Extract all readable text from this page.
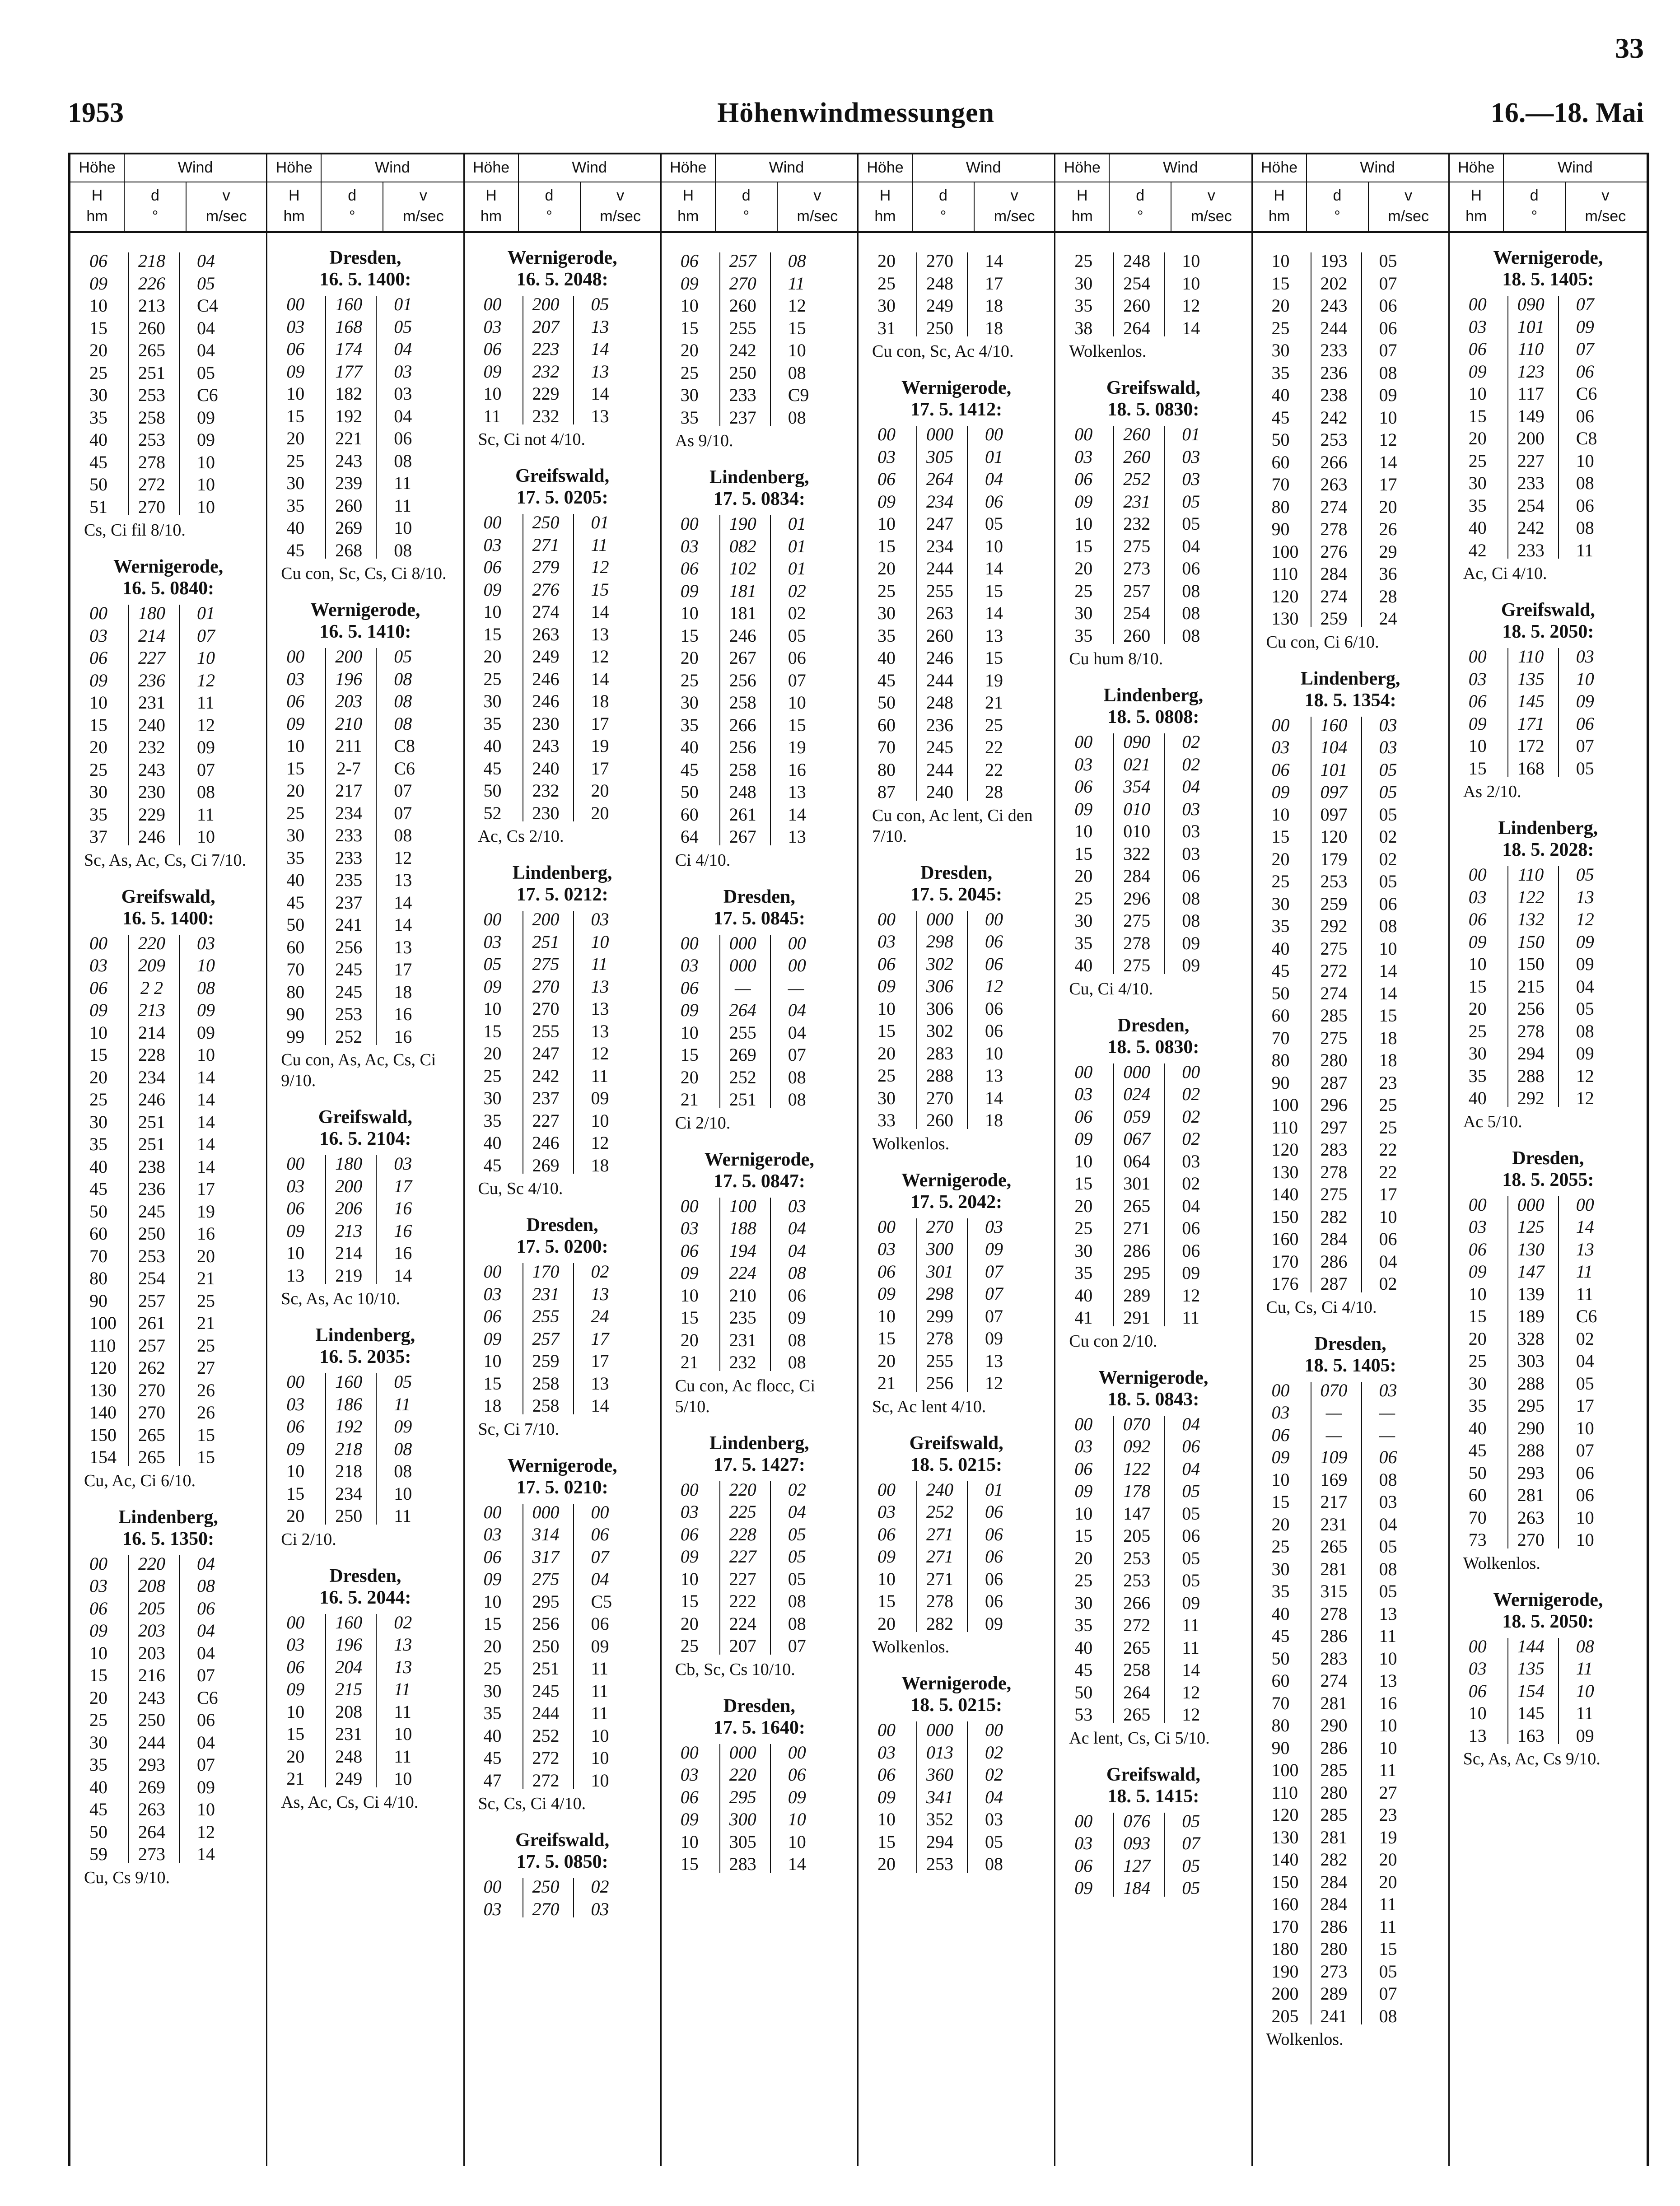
33
1953	Höhenwindmessungen	16.—18. Mai
Höhe	Wind
H
hm
d
°
v
m/sec
06	218	04
09	226	05
10	213	C4
15	260	04
20	265	04
25	251	05
30	253	C6
35	258	09
40	253	09
45	278	10
50	272	10
51	270	10
Cs, Ci fil 8/10.
Wernigerode,
16. 5. 0840:
00	180	01
03	214	07
06	227	10
09	236	12
10	231	11
15	240	12
20	232	09
25	243	07
30	230	08
35	229	11
37	246	10
Sc, As, Ac, Cs, Ci 7/10.
Greifswald,
16. 5. 1400:
00	220	03
03	209	10
06	2 2	08
09	213	09
10	214	09
15	228	10
20	234	14
25	246	14
30	251	14
35	251	14
40	238	14
45	236	17
50	245	19
60	250	16
70	253	20
80	254	21
90	257	25
100	261	21
110	257	25
120	262	27
130	270	26
140	270	26
150	265	15
154	265	15
Cu, Ac, Ci 6/10.
Lindenberg,
16. 5. 1350:
00	220	04
03	208	08
06	205	06
09	203	04
10	203	04
15	216	07
20	243	C6
25	250	06
30	244	04
35	293	07
40	269	09
45	263	10
50	264	12
59	273	14
Cu, Cs 9/10.
Höhe	Wind
H
hm
d
°
v
m/sec
Dresden,
16. 5. 1400:
00	160	01
03	168	05
06	174	04
09	177	03
10	182	03
15	192	04
20	221	06
25	243	08
30	239	11
35	260	11
40	269	10
45	268	08
Cu con, Sc, Cs, Ci 8/10.
Wernigerode,
16. 5. 1410:
00	200	05
03	196	08
06	203	08
09	210	08
10	211	C8
15	2-7	C6
20	217	07
25	234	07
30	233	08
35	233	12
40	235	13
45	237	14
50	241	14
60	256	13
70	245	17
80	245	18
90	253	16
99	252	16
Cu con, As, Ac, Cs, Ci 9/10.
Greifswald,
16. 5. 2104:
00	180	03
03	200	17
06	206	16
09	213	16
10	214	16
13	219	14
Sc, As, Ac 10/10.
Lindenberg,
16. 5. 2035:
00	160	05
03	186	11
06	192	09
09	218	08
10	218	08
15	234	10
20	250	11
Ci 2/10.
Dresden,
16. 5. 2044:
00	160	02
03	196	13
06	204	13
09	215	11
10	208	11
15	231	10
20	248	11
21	249	10
As, Ac, Cs, Ci 4/10.
Höhe	Wind
H
hm
d
°
v
m/sec
Wernigerode,
16. 5. 2048:
00	200	05
03	207	13
06	223	14
09	232	13
10	229	14
11	232	13
Sc, Ci not 4/10.
Greifswald,
17. 5. 0205:
00	250	01
03	271	11
06	279	12
09	276	15
10	274	14
15	263	13
20	249	12
25	246	14
30	246	18
35	230	17
40	243	19
45	240	17
50	232	20
52	230	20
Ac, Cs 2/10.
Lindenberg,
17. 5. 0212:
00	200	03
03	251	10
05	275	11
09	270	13
10	270	13
15	255	13
20	247	12
25	242	11
30	237	09
35	227	10
40	246	12
45	269	18
Cu, Sc 4/10.
Dresden,
17. 5. 0200:
00	170	02
03	231	13
06	255	24
09	257	17
10	259	17
15	258	13
18	258	14
Sc, Ci 7/10.
Wernigerode,
17. 5. 0210:
00	000	00
03	314	06
06	317	07
09	275	04
10	295	C5
15	256	06
20	250	09
25	251	11
30	245	11
35	244	11
40	252	10
45	272	10
47	272	10
Sc, Cs, Ci 4/10.
Greifswald,
17. 5. 0850:
00	250	02
03	270	03
Höhe	Wind
H
hm
d
°
v
m/sec
06	257	08
09	270	11
10	260	12
15	255	15
20	242	10
25	250	08
30	233	C9
35	237	08
As 9/10.
Lindenberg,
17. 5. 0834:
00	190	01
03	082	01
06	102	01
09	181	02
10	181	02
15	246	05
20	267	06
25	256	07
30	258	10
35	266	15
40	256	19
45	258	16
50	248	13
60	261	14
64	267	13
Ci 4/10.
Dresden,
17. 5. 0845:
00	000	00
03	000	00
06	—	—
09	264	04
10	255	04
15	269	07
20	252	08
21	251	08
Ci 2/10.
Wernigerode,
17. 5. 0847:
00	100	03
03	188	04
06	194	04
09	224	08
10	210	06
15	235	09
20	231	08
21	232	08
Cu con, Ac flocc, Ci 5/10.
Lindenberg,
17. 5. 1427:
00	220	02
03	225	04
06	228	05
09	227	05
10	227	05
15	222	08
20	224	08
25	207	07
Cb, Sc, Cs 10/10.
Dresden,
17. 5. 1640:
00	000	00
03	220	06
06	295	09
09	300	10
10	305	10
15	283	14
Höhe	Wind
H
hm
d
°
v
m/sec
20	270	14
25	248	17
30	249	18
31	250	18
Cu con, Sc, Ac 4/10.
Wernigerode,
17. 5. 1412:
00	000	00
03	305	01
06	264	04
09	234	06
10	247	05
15	234	10
20	244	14
25	255	15
30	263	14
35	260	13
40	246	15
45	244	19
50	248	21
60	236	25
70	245	22
80	244	22
87	240	28
Cu con, Ac lent, Ci den 7/10.
Dresden,
17. 5. 2045:
00	000	00
03	298	06
06	302	06
09	306	12
10	306	06
15	302	06
20	283	10
25	288	13
30	270	14
33	260	18
Wolkenlos.
Wernigerode,
17. 5. 2042:
00	270	03
03	300	09
06	301	07
09	298	07
10	299	07
15	278	09
20	255	13
21	256	12
Sc, Ac lent 4/10.
Greifswald,
18. 5. 0215:
00	240	01
03	252	06
06	271	06
09	271	06
10	271	06
15	278	06
20	282	09
Wolkenlos.
Wernigerode,
18. 5. 0215:
00	000	00
03	013	02
06	360	02
09	341	04
10	352	03
15	294	05
20	253	08
Höhe	Wind
H
hm
d
°
v
m/sec
25	248	10
30	254	10
35	260	12
38	264	14
Wolkenlos.
Greifswald,
18. 5. 0830:
00	260	01
03	260	03
06	252	03
09	231	05
10	232	05
15	275	04
20	273	06
25	257	08
30	254	08
35	260	08
Cu hum 8/10.
Lindenberg,
18. 5. 0808:
00	090	02
03	021	02
06	354	04
09	010	03
10	010	03
15	322	03
20	284	06
25	296	08
30	275	08
35	278	09
40	275	09
Cu, Ci 4/10.
Dresden,
18. 5. 0830:
00	000	00
03	024	02
06	059	02
09	067	02
10	064	03
15	301	02
20	265	04
25	271	06
30	286	06
35	295	09
40	289	12
41	291	11
Cu con 2/10.
Wernigerode,
18. 5. 0843:
00	070	04
03	092	06
06	122	04
09	178	05
10	147	05
15	205	06
20	253	05
25	253	05
30	266	09
35	272	11
40	265	11
45	258	14
50	264	12
53	265	12
Ac lent, Cs, Ci 5/10.
Greifswald,
18. 5. 1415:
00	076	05
03	093	07
06	127	05
09	184	05
Höhe	Wind
H
hm
d
°
v
m/sec
10	193	05
15	202	07
20	243	06
25	244	06
30	233	07
35	236	08
40	238	09
45	242	10
50	253	12
60	266	14
70	263	17
80	274	20
90	278	26
100	276	29
110	284	36
120	274	28
130	259	24
Cu con, Ci 6/10.
Lindenberg,
18. 5. 1354:
00	160	03
03	104	03
06	101	05
09	097	05
10	097	05
15	120	02
20	179	02
25	253	05
30	259	06
35	292	08
40	275	10
45	272	14
50	274	14
60	285	15
70	275	18
80	280	18
90	287	23
100	296	25
110	297	25
120	283	22
130	278	22
140	275	17
150	282	10
160	284	06
170	286	04
176	287	02
Cu, Cs, Ci 4/10.
Dresden,
18. 5. 1405:
00	070	03
03	—	—
06	—	—
09	109	06
10	169	08
15	217	03
20	231	04
25	265	05
30	281	08
35	315	05
40	278	13
45	286	11
50	283	10
60	274	13
70	281	16
80	290	10
90	286	10
100	285	11
110	280	27
120	285	23
130	281	19
140	282	20
150	284	20
160	284	11
170	286	11
180	280	15
190	273	05
200	289	07
205	241	08
Wolkenlos.
Höhe	Wind
H
hm
d
°
v
m/sec
Wernigerode,
18. 5. 1405:
00	090	07
03	101	09
06	110	07
09	123	06
10	117	C6
15	149	06
20	200	C8
25	227	10
30	233	08
35	254	06
40	242	08
42	233	11
Ac, Ci 4/10.
Greifswald,
18. 5. 2050:
00	110	03
03	135	10
06	145	09
09	171	06
10	172	07
15	168	05
As 2/10.
Lindenberg,
18. 5. 2028:
00	110	05
03	122	13
06	132	12
09	150	09
10	150	09
15	215	04
20	256	05
25	278	08
30	294	09
35	288	12
40	292	12
Ac 5/10.
Dresden,
18. 5. 2055:
00	000	00
03	125	14
06	130	13
09	147	11
10	139	11
15	189	C6
20	328	02
25	303	04
30	288	05
35	295	17
40	290	10
45	288	07
50	293	06
60	281	06
70	263	10
73	270	10
Wolkenlos.
Wernigerode,
18. 5. 2050:
00	144	08
03	135	11
06	154	10
10	145	11
13	163	09
Sc, As, Ac, Cs 9/10.
